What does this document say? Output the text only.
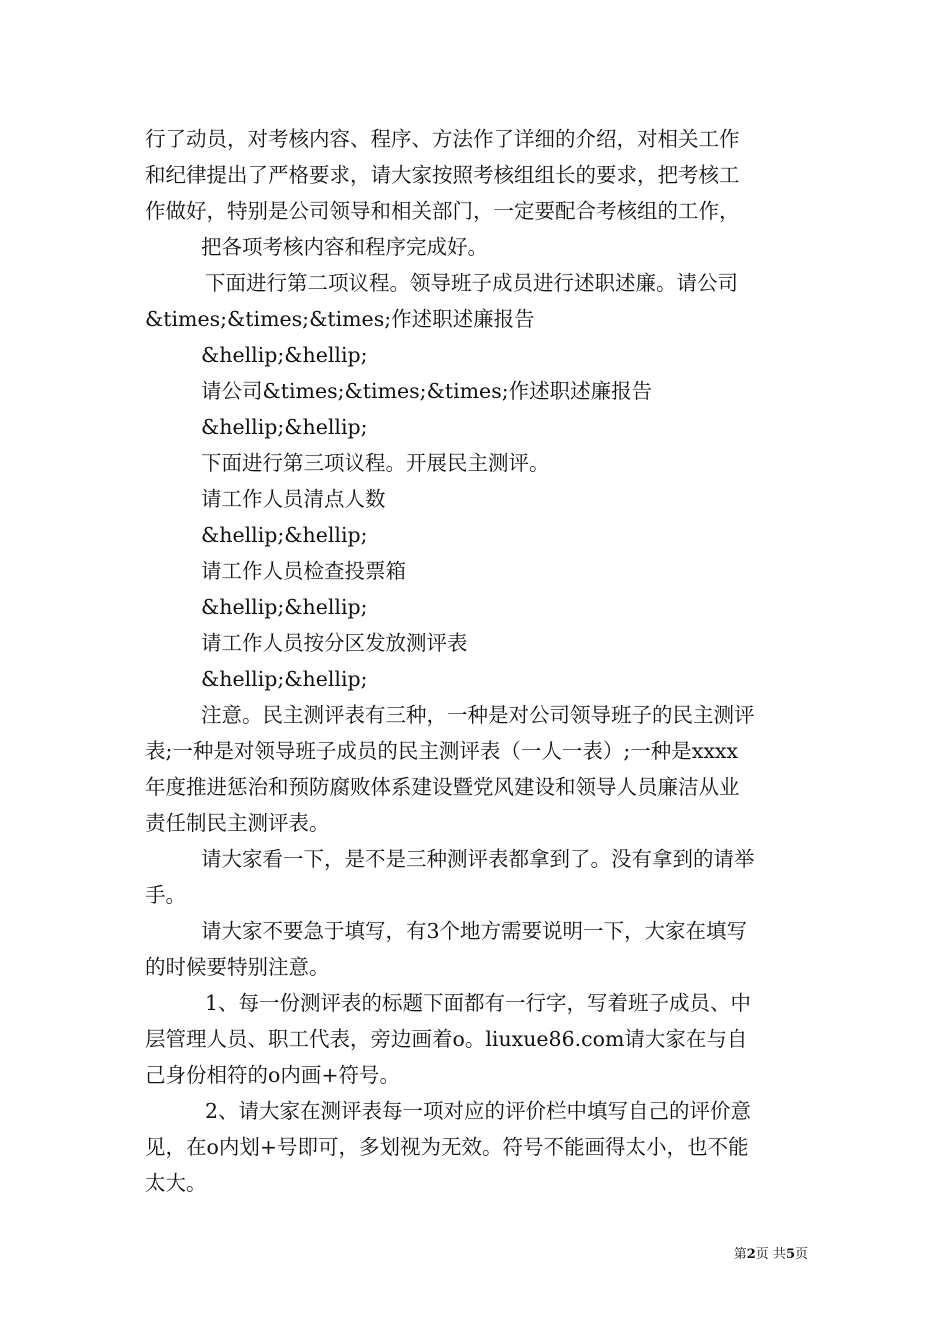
行了动员，对考核内容、程序、方法作了详细的介绍，对相关工作
和纪律提出了严格要求，请大家按照考核组组长的要求，把考核工
作做好，特别是公司领导和相关部门，一定要配合考核组的工作，
把各项考核内容和程序完成好。
下面进行第二项议程。领导班子成员进行述职述廉。请公司
&times;&times;&times;作述职述廉报告
&hellip;&hellip;
请公司&times;&times;&times;作述职述廉报告
&hellip;&hellip;
下面进行第三项议程。开展民主测评。
请工作人员清点人数
&hellip;&hellip;
请工作人员检查投票箱
&hellip;&hellip;
请工作人员按分区发放测评表
&hellip;&hellip;
注意。民主测评表有三种，一种是对公司领导班子的民主测评
表;一种是对领导班子成员的民主测评表（一人一表）;一种是xxxx
年度推进惩治和预防腐败体系建设暨党风建设和领导人员廉洁从业
责任制民主测评表。
请大家看一下，是不是三种测评表都拿到了。没有拿到的请举
手。
请大家不要急于填写，有3个地方需要说明一下，大家在填写
的时候要特别注意。
1、每一份测评表的标题下面都有一行字，写着班子成员、中
层管理人员、职工代表，旁边画着o。liuxue86.com请大家在与自
己身份相符的o内画+符号。
2、请大家在测评表每一项对应的评价栏中填写自己的评价意
见，在o内划+号即可，多划视为无效。符号不能画得太小，也不能
太大。
第2页 共5页
